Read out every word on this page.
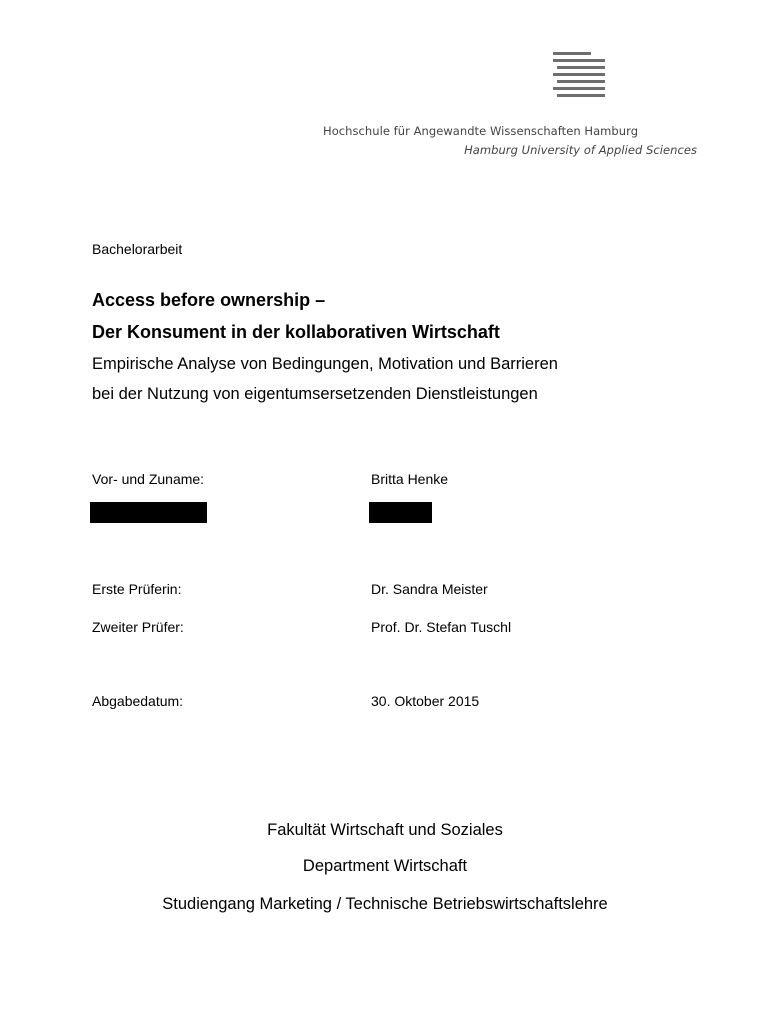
Hochschule für Angewandte Wissenschaften Hamburg
Hamburg University of Applied Sciences
Bachelorarbeit
Access before ownership –
Der Konsument in der kollaborativen Wirtschaft
Empirische Analyse von Bedingungen, Motivation und Barrieren
bei der Nutzung von eigentumsersetzenden Dienstleistungen
Vor- und Zuname:	Britta Henke
Erste Prüferin:	Dr. Sandra Meister
Zweiter Prüfer:	Prof. Dr. Stefan Tuschl
Abgabedatum:	30. Oktober 2015
Fakultät Wirtschaft und Soziales
Department Wirtschaft
Studiengang Marketing / Technische Betriebswirtschaftslehre
